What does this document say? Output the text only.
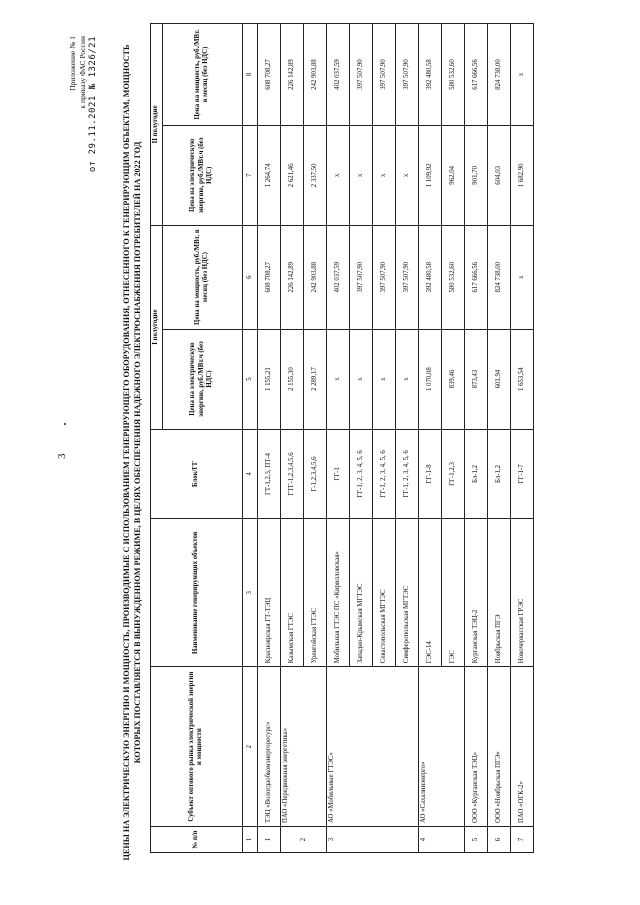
3
Приложение № 1 к приказу ФАС России от 29.11.2021 № 1326/21	ЦЕНЫ НА ЭЛЕКТРИЧЕСКУЮ ЭНЕРГИЮ И МОЩНОСТЬ, ПРОИЗВОДИМЫЕ С ИСПОЛЬЗОВАНИЕМ ГЕНЕРИРУЮЩЕГО ОБОРУДОВАНИЯ, ОТНЕСЕННОГО К ГЕНЕРИРУЮЩИМ ОБЪЕКТАМ, МОЩНОСТЬ КОТОРЫХ ПОСТАВЛЯЕТСЯ В ВЫНУЖДЕННОМ РЕЖИМЕ, В ЦЕЛЯХ ОБЕСПЕЧЕНИЯ НАДЕЖНОГО ЭЛЕКТРОСНАБЖЕНИЯ ПОТРЕБИТЕЛЕЙ НА 2022 ГОД
№ п/п	Субъект оптового рынка электрической энергии и мощности	Наименование генерирующих объектов	Блок/ГГ	I полугодие		II полугодие	
				Цена на электрическую энергию, руб./МВт.ч (без НДС)	Цена на мощность, руб./МВт. в месяц (без НДС)	Цена на электрическую энергию, руб./МВт.ч (без НДС)	Цена на мощность, руб./МВт. в месяц (без НДС)
1	2	3	4	5	6	7	8
1	ТЭЦ «Вологдаобкомэнергоресурс»	Красноярская ГТ-ТЭЦ	ГТ-1,2,3, ПТ-4	1 155,21	608 708,27	1 264,74	608 708,27
2	ПАО «Передвижная энергетика»	Казымская ГТЭС	ГТГ-1,2,3,4,5,6	2 155,30	226 142,89	2 621,46	226 142,89
		Уренгойская ГТЭС	Г-1,2,3,4,5,6	2 289,17	242 903,88	2 337,50	242 903,88
3	АО «Мобильные ГТЭС»	Мобильная ГТЭС ПС «Кирилловская»	ГГ-1	x	402 037,59	x	402 037,59
		Западно-Крымская МГТЭС	ГГ-1, 2, 3, 4, 5, 6	x	397 507,90	x	397 507,90
		Севастопольская МГТЭС	ГГ-1, 2, 3, 4, 5, 6	x	397 507,90	x	397 507,90
		Симферопольская МГТЭС	ГГ-1, 2, 3, 4, 5, 6	x	397 507,90	x	397 507,90
4	АО «Сахалинэнерго»	ГЭС-14	ГГ-1-8	1 070,08	392 480,58	1 109,92	392 480,58
		ГЭС	ГГ-1,2,3	839,46	580 532,60	962,04	580 532,60
5	ООО «Курганская ТЭЦ»	Курганская ТЭЦ-2	Бл-1,2	873,43	617 666,56	901,70	617 666,56
6	ООО «Ноябрьская ПГЭ»	Ноябрьская ПГЭ	Бл-1,2	601,94	824 738,00	604,03	824 738,00
7	ПАО «ОГК-2»	Новочеркасская ГРЭС	ГГ-1-7	1 653,54	x	1 682,90	x
